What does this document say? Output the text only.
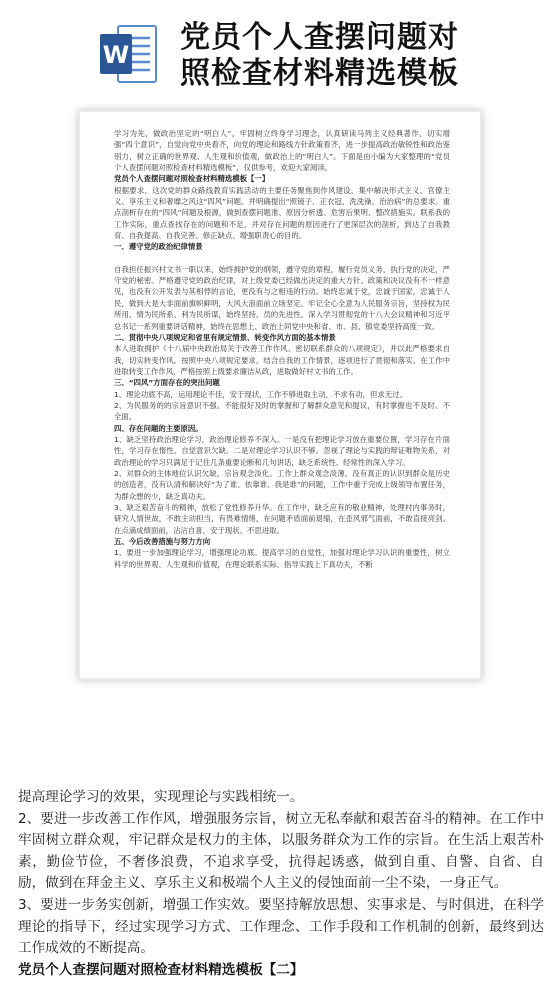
W 党员个人查摆问题对
照检查材料精选模板

学习为先，做政治坚定的“明白人”。牢固树立终身学习理念，认真研读马列主义经典著作，切实增强“四个意识”，自觉向党中央看齐，向党的理论和路线方针政策看齐，进一步提高政治敏锐性和政治鉴别力，树立正确的世界观、人生观和价值观，做政治上的“明白人”。下面是由小编为大家整理的“党员个人查摆问题对照检查材料精选模板”，仅供参考，欢迎大家阅读。

党员个人查摆问题对照检查材料精选模板【一】

根据要求，这次党的群众路线教育实践活动的主要任务聚焦到作风建设，集中解决形式主义、官僚主义、享乐主义和奢靡之风这“四风”问题。并明确提出“照镜子、正衣冠、洗洗澡、治治病”的总要求。重点剖析存在的“四风”问题及根源，做到查摆问题准、原因分析透、危害后果明、整改措施实。联系我的工作实际，重点查找存在的问题和不足，并对存在问题的原因进行了更深层次的剖析，到达了自我教育、自我提高、自我完善、修正缺点、增强职责心的目的。

一、遵守党的政治纪律情景

自我担任振兴村文书一职以来，始终拥护党的纲领，遵守党的章程，履行党员义务，执行党的决定，严守党的秘密。严格遵守党的政治纪律，对上级党委已经做出决定的重大方针、政策和决议没有不一样意见，也没有公开发表与其相悖的言论，更没有与之相违的行动。始终忠诚于党，忠诚于国家，忠诚于人民，做到大是大非面前旗帜鲜明，大风大浪面前立场坚定。牢记全心全意为人民服务宗旨，坚持权为民所用、情为民所系、利为民所谋，始终坚持、员的先进性。深入学习贯彻党的十八大会议精神和习近平总书记一系列重要讲话精神，始终在思想上、政治上同党中央和省、市、县、镇党委坚持高度一致。

二、贯彻中央八项规定和省里有规定情景、转变作风方面的基本情景

本人进取拥护《十八届中央政治局关于改善工作作风、密切联系群众的八项规定》，并以此严格要求自我，切实转变作风。按照中央八项规定要求，结合自我的工作情景，逐项进行了贯彻和落实。在工作中进取转变工作作风，严格按照上级要求廉洁从政，进取做好村文书的工作。

三、“四风”方面存在的突出问题

1、理论功底不高，运用理论不佳，安于现状，工作不够进取主动，不求有功，但求无过。

2、为民服务的的宗旨意识不强。不能很好及时的掌握和了解群众意见和提议，有时掌握也不及时、不全面。

四、存在问题的主要原因。

1、缺乏坚持政治理论学习，政治理论修养不深入。一是没有把理论学习放在重要位置，学习存在片面性，学习存在惰性、自觉意识欠缺。二是对理论学习认识不够。忽视了理论与实践的辩证唯物关系，对政治理论的学习只满足于记住几条重要论断和几句讲话，缺乏系统性、经常性的深入学习。

2、对群众的主体地位认识欠缺，宗旨观念淡化。工作上群众观念淡薄，没有真正的认识到群众是历史的创造者，没有认清和解决好“为了谁、依靠谁、我是谁”的问题，工作中重于完成上级领导布置任务，为群众想的少，缺乏真功夫。

3、缺乏艰苦奋斗的精神，放松了党性修养升华。在工作中，缺乏应有的敬业精神，处理村内事务时，研究人情世故，不敢主动担当，有畏难情绪，在问题矛盾面前退缩，在歪风邪气面前，不敢直接亮剑。在点滴成绩面前，沾沾自喜，安于现状、不思进取。

五、今后改善措施与努力方向

1、要进一步加强理论学习，增强理论功底。提高学习的自觉性，加强对理论学习认识的重要性，树立科学的世界观、人生观和价值观，在理论联系实际、指导实践上下真功夫，不断

提高理论学习的效果，实现理论与实践相统一。

2、要进一步改善工作作风，增强服务宗旨，树立无私奉献和艰苦奋斗的精神。在工作中牢固树立群众观，牢记群众是权力的主体，以服务群众为工作的宗旨。在生活上艰苦朴素，勤俭节俭，不奢侈浪费，不追求享受，抗得起诱惑，做到自重、自警、自省、自励，做到在拜金主义、享乐主义和极端个人主义的侵蚀面前一尘不染，一身正气。

3、要进一步务实创新，增强工作实效。要坚持解放思想、实事求是、与时俱进，在科学理论的指导下，经过实现学习方式、工作理念、工作手段和工作机制的创新，最终到达工作成效的不断提高。

党员个人查摆问题对照检查材料精选模板【二】
